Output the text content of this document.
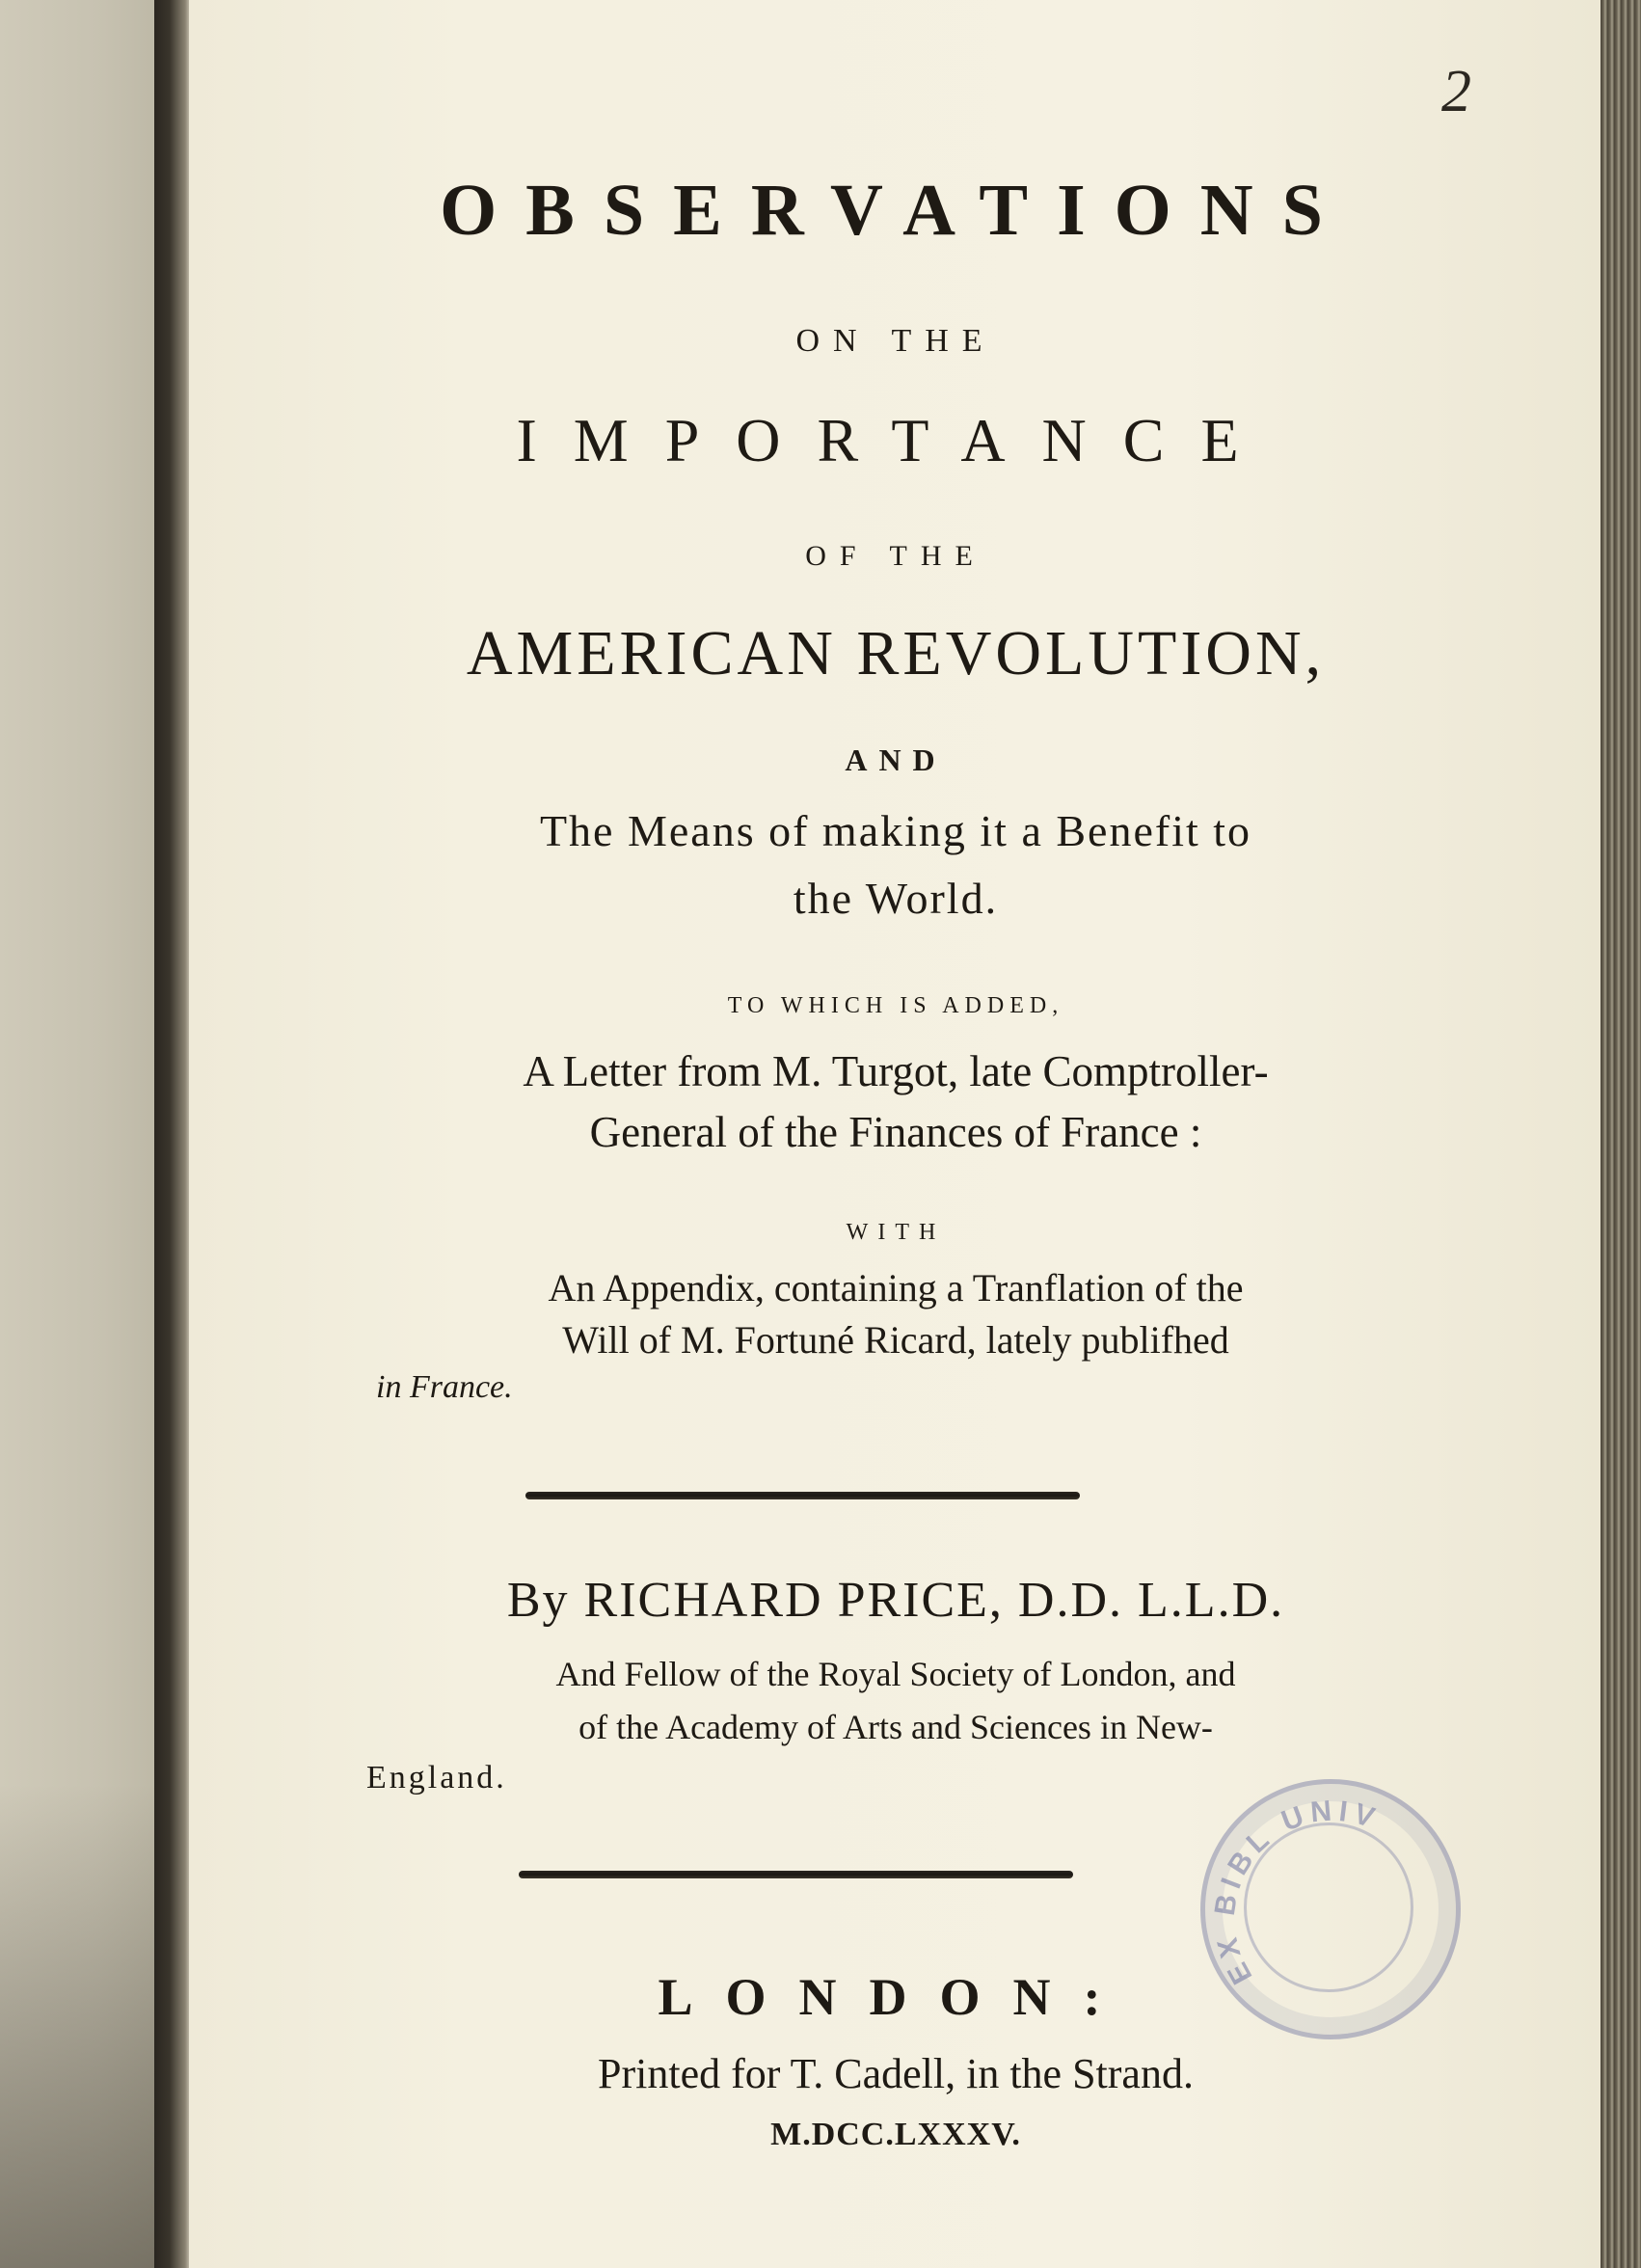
2
OBSERVATIONS
ON THE
IMPORTANCE
OF THE
AMERICAN REVOLUTION,
AND
The Means of making it a Benefit to
the World.
TO WHICH IS ADDED,
A Letter from M. Turgot, late Comptroller-
General of the Finances of France :
WITH
An Appendix, containing a Tranflation of the
Will of M. Fortuné Ricard, lately publifhed
in France.
By RICHARD PRICE, D.D. L.L.D.
And Fellow of the Royal Society of London, and
of the Academy of Arts and Sciences in New-
England.
EX BIBL UNIV
LONDON:
Printed for T. Cadell, in the Strand.
M.DCC.LXXXV.
